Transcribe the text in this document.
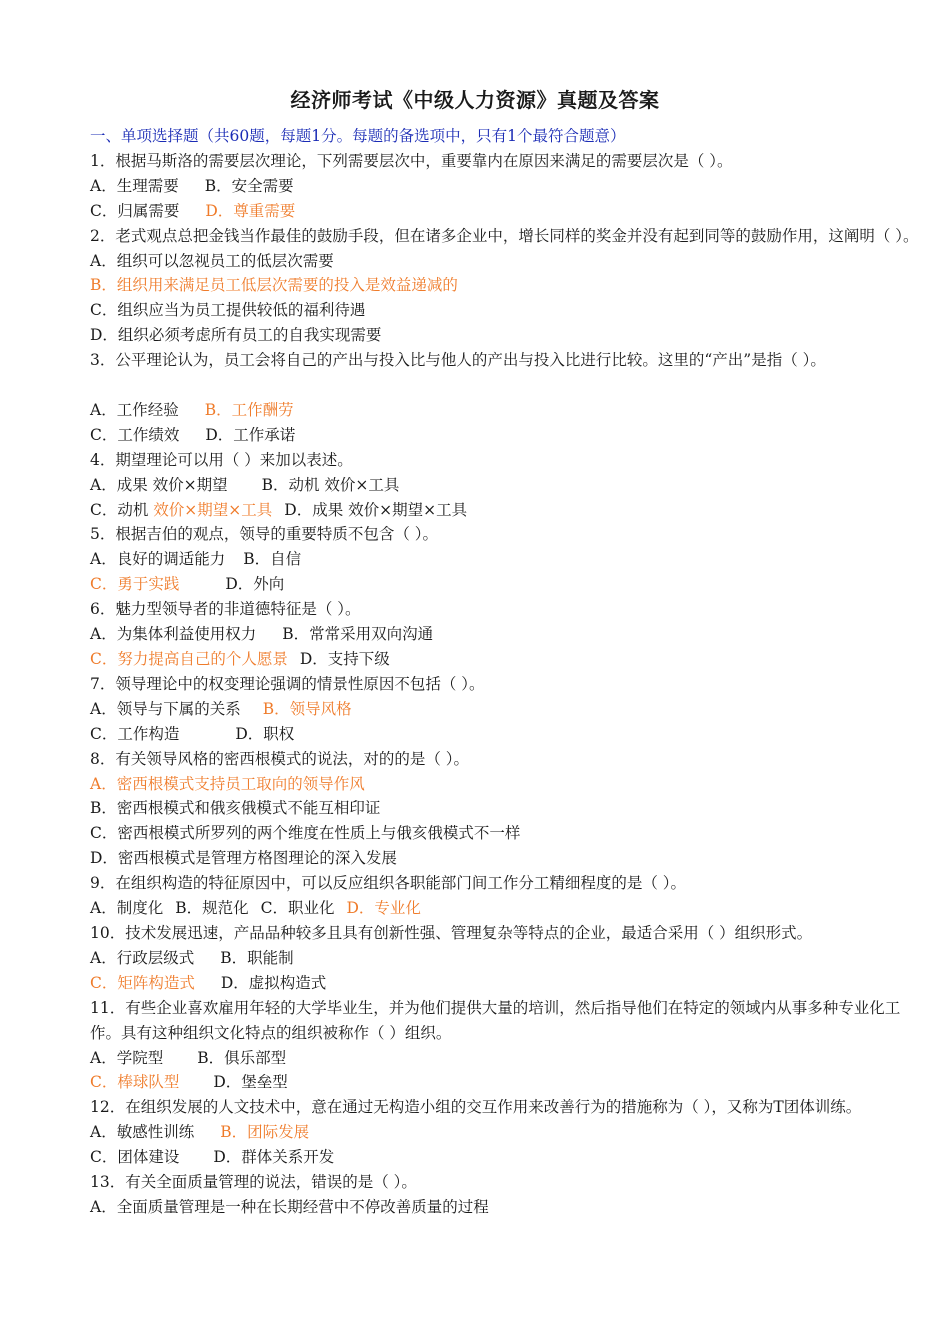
经济师考试《中级人力资源》真题及答案

一、单项选择题（共60题，每题1分。每题的备选项中，只有1个最符合题意）

1．根据马斯洛的需要层次理论，下列需要层次中，重要靠内在原因来满足的需要层次是（ ）。

A．生理需要 B．安全需要

C．归属需要 D．尊重需要

2．老式观点总把金钱当作最佳的鼓励手段，但在诸多企业中，增长同样的奖金并没有起到同等的鼓励作用，这阐明（ ）。

A．组织可以忽视员工的低层次需要

B．组织用来满足员工低层次需要的投入是效益递减的

C．组织应当为员工提供较低的福利待遇

D．组织必须考虑所有员工的自我实现需要

3．公平理论认为，员工会将自己的产出与投入比与他人的产出与投入比进行比较。这里的“产出”是指（ ）。

A．工作经验 B．工作酬劳

C．工作绩效 D．工作承诺

4．期望理论可以用（ ）来加以表述。

A．成果 效价×期望 B．动机 效价×工具

C．动机 效价×期望×工具 D．成果 效价×期望×工具

5．根据吉伯的观点，领导的重要特质不包含（ ）。

A．良好的调适能力 B．自信

C．勇于实践	D．外向

6．魅力型领导者的非道德特征是（ ）。

A．为集体利益使用权力 B．常常采用双向沟通

C．努力提高自己的个人愿景 D．支持下级

7．领导理论中的权变理论强调的情景性原因不包括（ ）。

A．领导与下属的关系 B．领导风格

C．工作构造	D．职权

8．有关领导风格的密西根模式的说法，对的的是（ ）。

A．密西根模式支持员工取向的领导作风

B．密西根模式和俄亥俄模式不能互相印证

C．密西根模式所罗列的两个维度在性质上与俄亥俄模式不一样

D．密西根模式是管理方格图理论的深入发展

9．在组织构造的特征原因中，可以反应组织各职能部门间工作分工精细程度的是（ ）。

A．制度化 B．规范化 C．职业化 D．专业化

10．技术发展迅速，产品品种较多且具有创新性强、管理复杂等特点的企业，最适合采用（ ）组织形式。

A．行政层级式 B．职能制

C．矩阵构造式 D．虚拟构造式

11．有些企业喜欢雇用年轻的大学毕业生，并为他们提供大量的培训，然后指导他们在特定的领域内从事多种专业化工作。具有这种组织文化特点的组织被称作（ ）组织。

A．学院型 B．俱乐部型

C．棒球队型 D．堡垒型

12．在组织发展的人文技术中，意在通过无构造小组的交互作用来改善行为的措施称为（ ），又称为T团体训练。

A．敏感性训练 B．团际发展

C．团体建设 D．群体关系开发

13．有关全面质量管理的说法，错误的是（ ）。

A．全面质量管理是一种在长期经营中不停改善质量的过程
